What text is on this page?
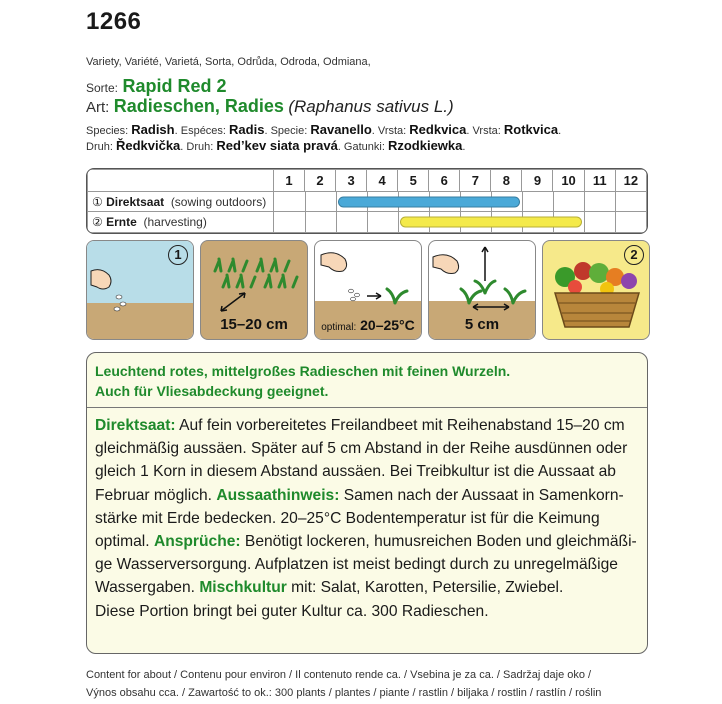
1266
Variety, Variété, Varietá, Sorta, Odrůda, Odroda, Odmiana,
Sorte: Rapid Red 2
Art: Radieschen, Radies (Raphanus sativus L.)
Species: Radish. Espéces: Radis. Specie: Ravanello. Vrsta: Redkvica. Vrsta: Rotkvica.
Druh: Ředkvička. Druh: Red’kev siata pravá. Gatunki: Rzodkiewka.
	1	2	3	4	5	6	7	8	9	10	11	12
① Direktsaat (sowing outdoors)												

② Ernte (harvesting)												
1
15–20 cm	optimal: 20–25°C	5 cm
2
Leuchtend rotes, mittelgroßes Radieschen mit feinen Wurzeln.
Auch für Vliesabdeckung geeignet.

Direktsaat: Auf fein vorbereitetes Freilandbeet mit Reihenabstand 15–20 cm gleichmäßig aussäen. Später auf 5 cm Abstand in der Reihe ausdünnen oder gleich 1 Korn in diesem Abstand aussäen. Bei Treibkultur ist die Aussaat ab Februar möglich. Aussaathinweis: Samen nach der Aussaat in Samenkorn-stärke mit Erde bedecken. 20–25°C Bodentemperatur ist für die Keimung optimal. Ansprüche: Benötigt lockeren, humusreichen Boden und gleichmäßi-ge Wasserversorgung. Aufplatzen ist meist bedingt durch zu unregelmäßige Wassergaben. Mischkultur mit: Salat, Karotten, Petersilie, Zwiebel.
Diese Portion bringt bei guter Kultur ca. 300 Radieschen.

Content for about / Contenu pour environ / Il contenuto rende ca. / Vsebina je za ca. / Sadržaj daje oko /
Výnos obsahu cca. / Zawartość to ok.: 300 plants / plantes / piante / rastlin / biljaka / rostlin / rastlín / roślin
